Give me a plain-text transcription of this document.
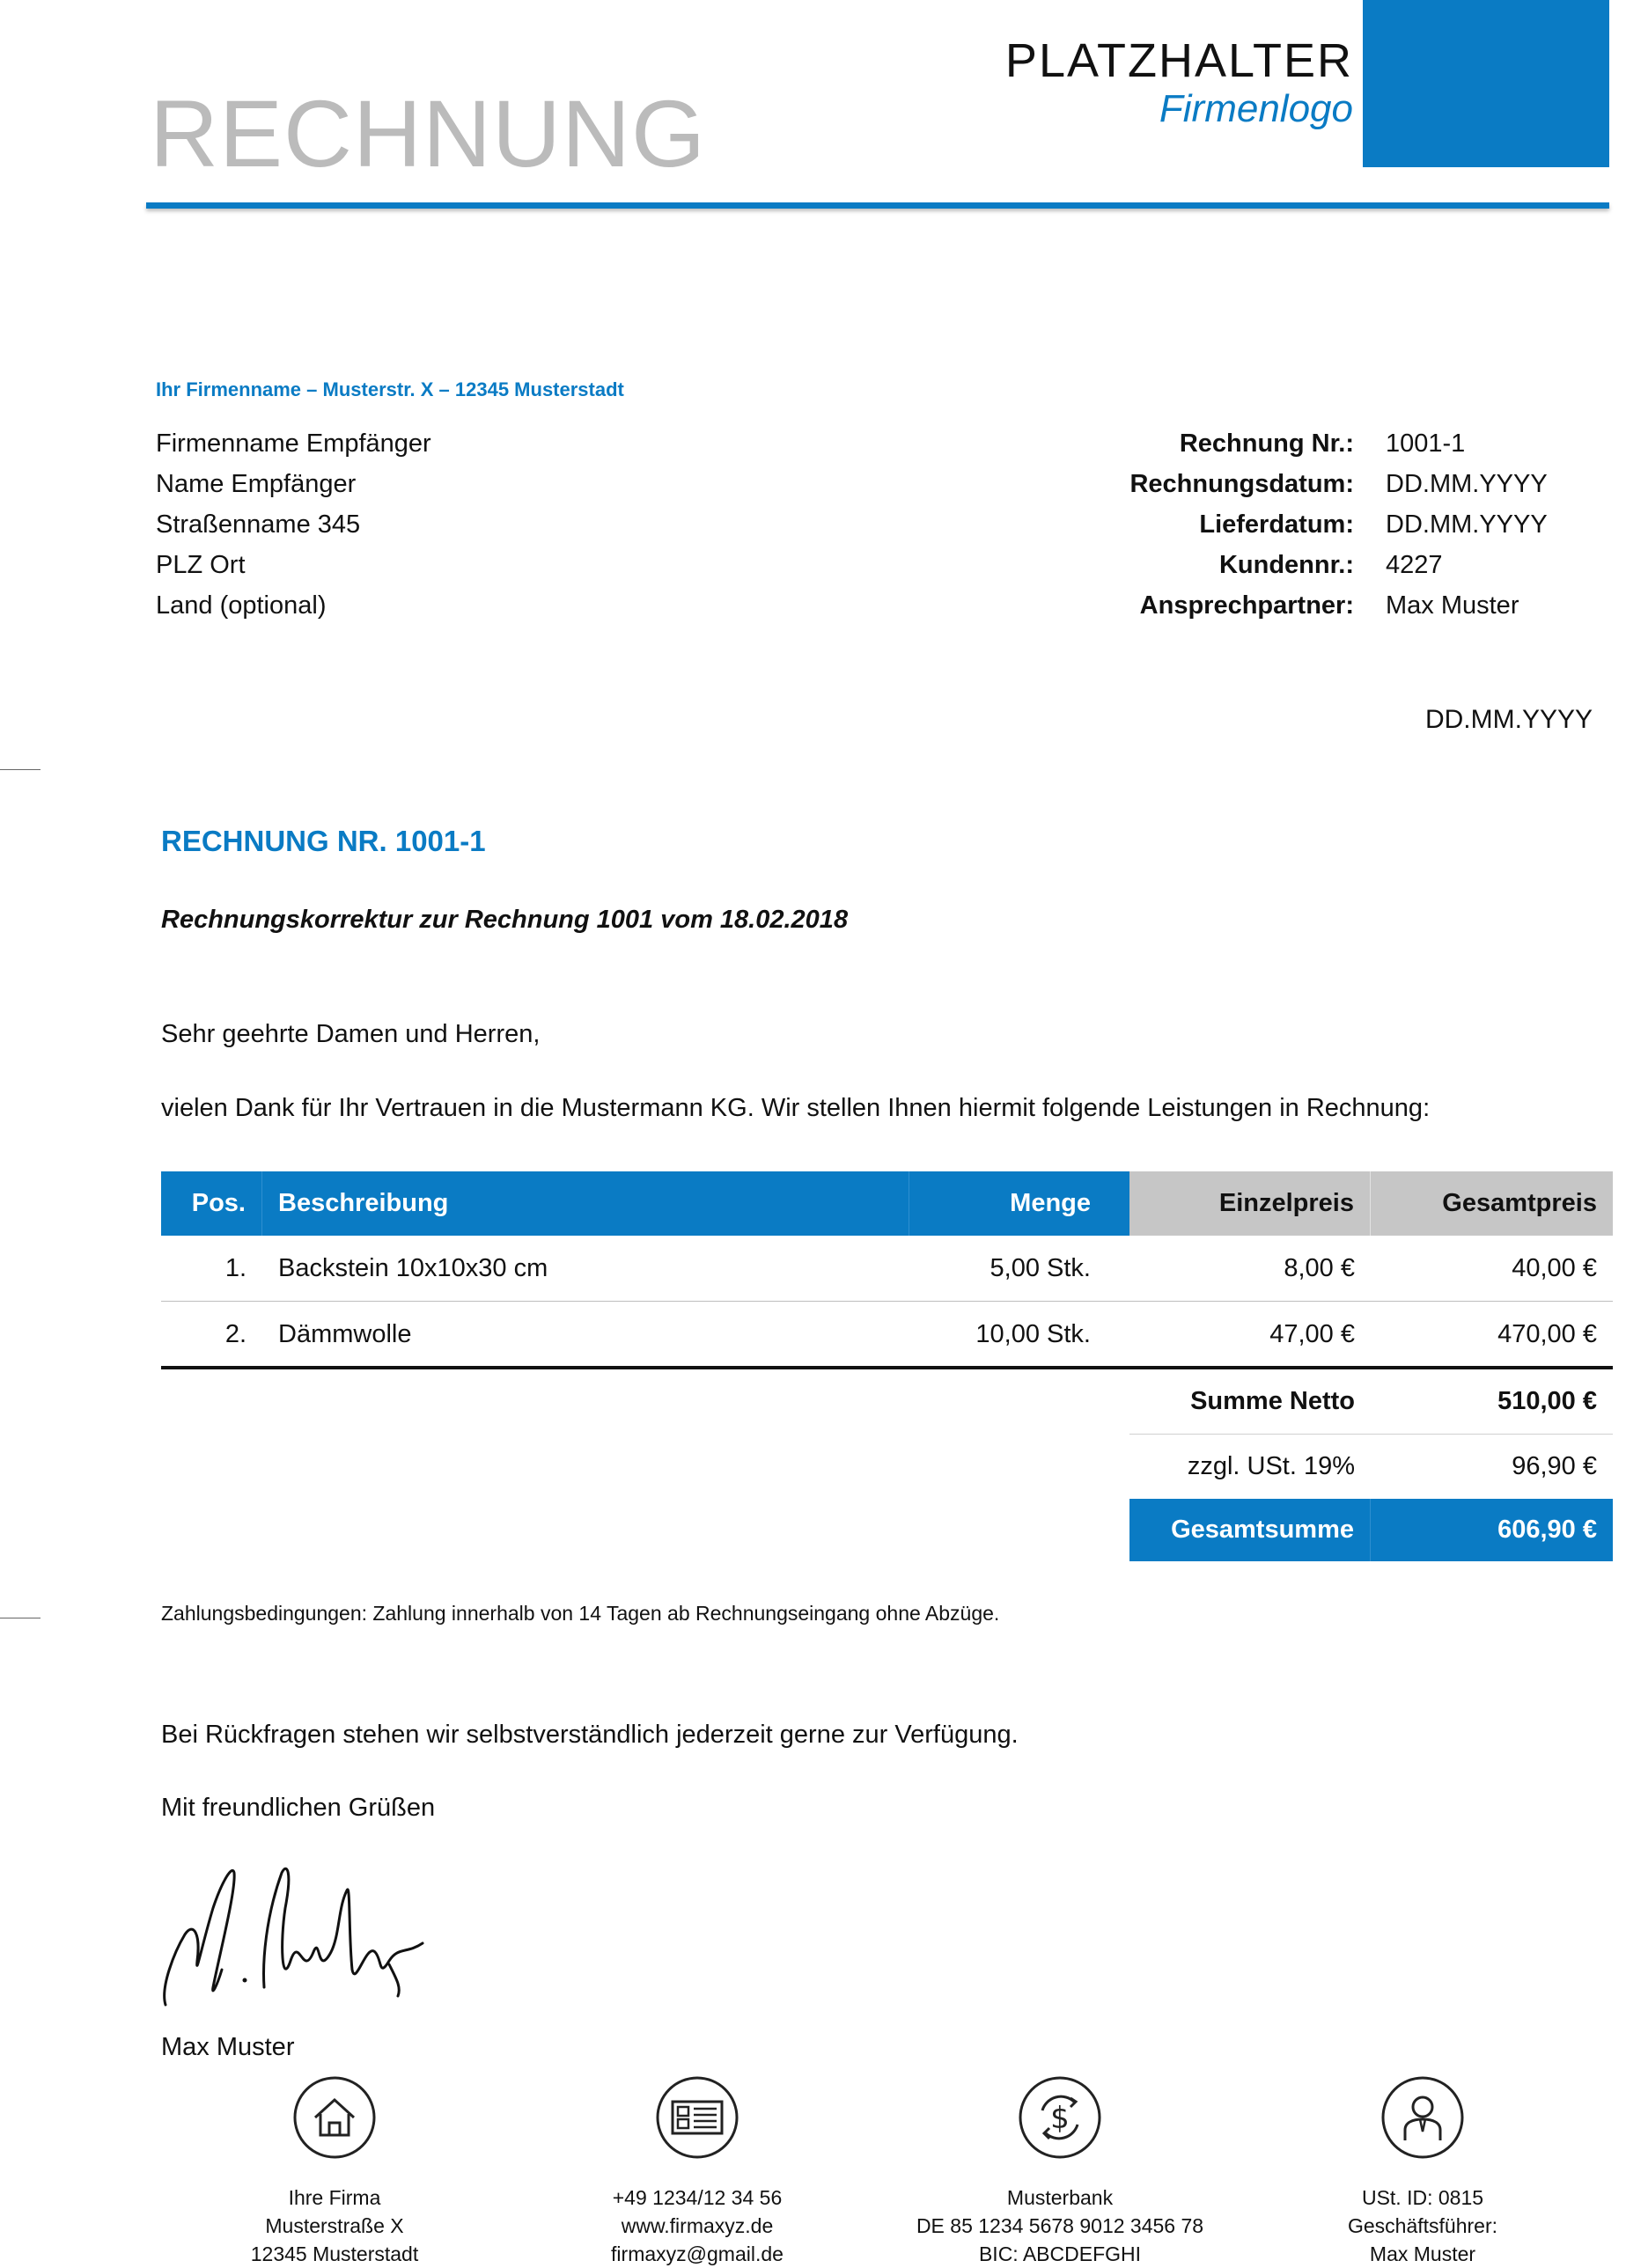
RECHNUNG
PLATZHALTER
Firmenlogo
Ihr Firmenname – Musterstr. X – 12345 Musterstadt
Firmenname Empfänger
Name Empfänger
Straßenname 345
PLZ Ort
Land (optional)
Rechnung Nr.:	1001-1
Rechnungsdatum:	DD.MM.YYYY
Lieferdatum:	DD.MM.YYYY
Kundennr.:	4227
Ansprechpartner:	Max Muster
DD.MM.YYYY
RECHNUNG NR. 1001-1
Rechnungskorrektur zur Rechnung 1001 vom 18.02.2018
Sehr geehrte Damen und Herren,
vielen Dank für Ihr Vertrauen in die Mustermann KG. Wir stellen Ihnen hiermit folgende Leistungen in Rechnung:
Pos.	Beschreibung	Menge	Einzelpreis	Gesamtpreis
1.	Backstein 10x10x30 cm	5,00 Stk.	8,00 €	40,00 €
2.	Dämmwolle	10,00 Stk.	47,00 €	470,00 €
Summe Netto	510,00 €
zzgl. USt. 19%	96,90 €
Gesamtsumme	606,90 €
Zahlungsbedingungen: Zahlung innerhalb von 14 Tagen ab Rechnungseingang ohne Abzüge.
Bei Rückfragen stehen wir selbstverständlich jederzeit gerne zur Verfügung.
Mit freundlichen Grüßen
Max Muster
Ihre Firma
Musterstraße X
12345 Musterstadt
+49 1234/12 34 56
www.firmaxyz.de
firmaxyz@gmail.de
$
Musterbank
DE 85 1234 5678 9012 3456 78
BIC: ABCDEFGHI
USt. ID: 0815
Geschäftsführer:
Max Muster
